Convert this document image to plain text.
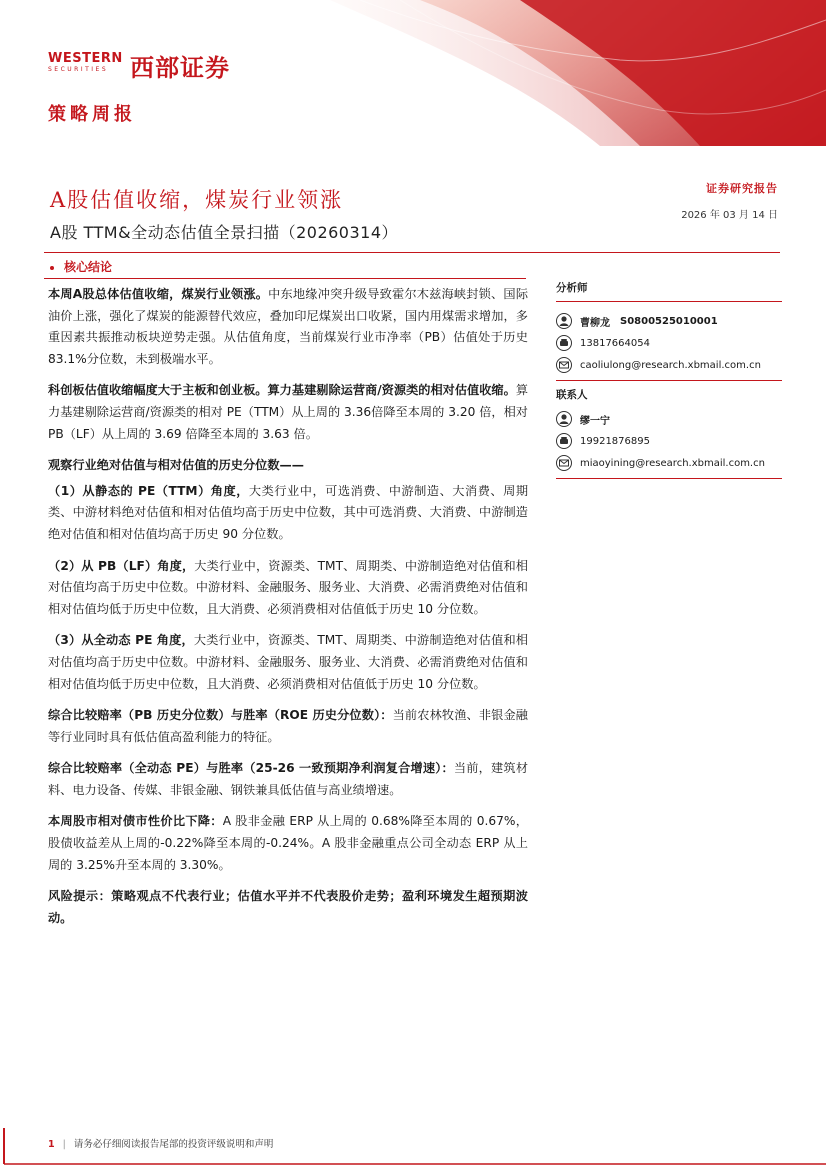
WESTERN
SECURITIES 西部证券
策略周报
A股估值收缩，煤炭行业领涨
A股 TTM&全动态估值全景扫描（20260314）
证券研究报告
2026 年 03 月 14 日
核心结论
本周A股总体估值收缩，煤炭行业领涨。中东地缘冲突升级导致霍尔木兹海峡封锁、国际油价上涨，强化了煤炭的能源替代效应，叠加印尼煤炭出口收紧，国内用煤需求增加，多重因素共振推动板块逆势走强。从估值角度，当前煤炭行业市净率（PB）估值处于历史 83.1%分位数，未到极端水平。
科创板估值收缩幅度大于主板和创业板。算力基建剔除运营商/资源类的相对估值收缩。算力基建剔除运营商/资源类的相对 PE（TTM）从上周的 3.36倍降至本周的 3.20 倍，相对 PB（LF）从上周的 3.69 倍降至本周的 3.63 倍。
观察行业绝对估值与相对估值的历史分位数——
（1）从静态的 PE（TTM）角度，大类行业中，可选消费、中游制造、大消费、周期类、中游材料绝对估值和相对估值均高于历史中位数，其中可选消费、大消费、中游制造绝对估值和相对估值均高于历史 90 分位数。
（2）从 PB（LF）角度，大类行业中，资源类、TMT、周期类、中游制造绝对估值和相对估值均高于历史中位数。中游材料、金融服务、服务业、大消费、必需消费绝对估值和相对估值均低于历史中位数，且大消费、必须消费相对估值低于历史 10 分位数。
（3）从全动态 PE 角度，大类行业中，资源类、TMT、周期类、中游制造绝对估值和相对估值均高于历史中位数。中游材料、金融服务、服务业、大消费、必需消费绝对估值和相对估值均低于历史中位数，且大消费、必须消费相对估值低于历史 10 分位数。
综合比较赔率（PB 历史分位数）与胜率（ROE 历史分位数）：当前农林牧渔、非银金融等行业同时具有低估值高盈利能力的特征。
综合比较赔率（全动态 PE）与胜率（25-26 一致预期净利润复合增速）：当前，建筑材料、电力设备、传媒、非银金融、钢铁兼具低估值与高业绩增速。
本周股市相对债市性价比下降：A 股非金融 ERP 从上周的 0.68%降至本周的 0.67%，股债收益差从上周的-0.22%降至本周的-0.24%。A 股非金融重点公司全动态 ERP 从上周的 3.25%升至本周的 3.30%。
风险提示：策略观点不代表行业；估值水平并不代表股价走势；盈利环境发生超预期波动。
分析师
曹柳龙 S0800525010001
13817664054
caoliulong@research.xbmail.com.cn
联系人
缪一宁
19921876895
miaoyining@research.xbmail.com.cn
1 | 请务必仔细阅读报告尾部的投资评级说明和声明
